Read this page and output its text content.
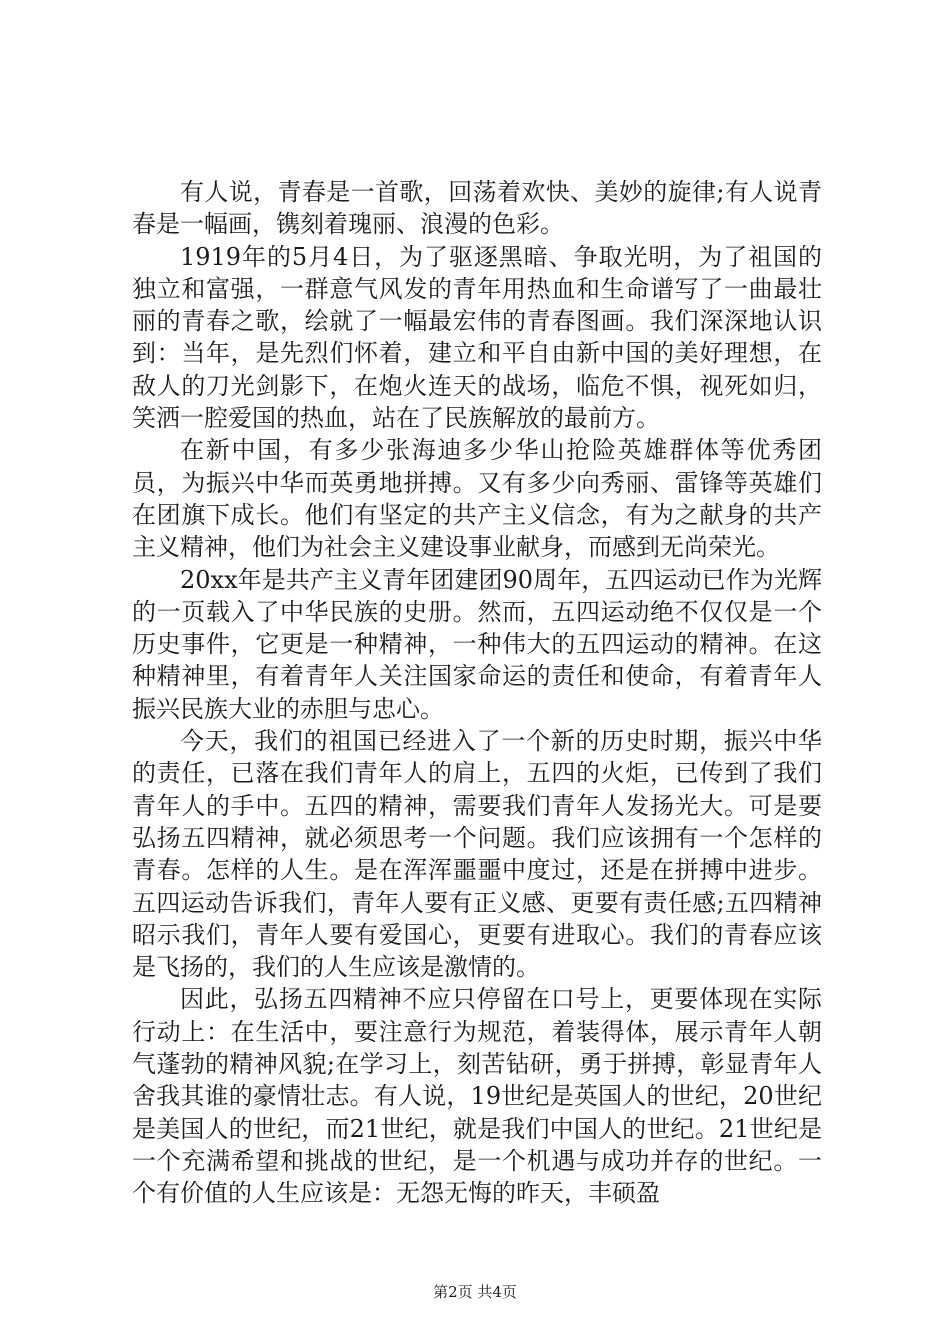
有人说，青春是一首歌，回荡着欢快、美妙的旋律;有人说青春是一幅画，镌刻着瑰丽、浪漫的色彩。

1919年的5月4日，为了驱逐黑暗、争取光明，为了祖国的独立和富强，一群意气风发的青年用热血和生命谱写了一曲最壮丽的青春之歌，绘就了一幅最宏伟的青春图画。我们深深地认识到：当年，是先烈们怀着，建立和平自由新中国的美好理想，在敌人的刀光剑影下，在炮火连天的战场，临危不惧，视死如归，笑洒一腔爱国的热血，站在了民族解放的最前方。

在新中国，有多少张海迪多少华山抢险英雄群体等优秀团员，为振兴中华而英勇地拼搏。又有多少向秀丽、雷锋等英雄们在团旗下成长。他们有坚定的共产主义信念，有为之献身的共产主义精神，他们为社会主义建设事业献身，而感到无尚荣光。

20xx年是共产主义青年团建团90周年，五四运动已作为光辉的一页载入了中华民族的史册。然而，五四运动绝不仅仅是一个历史事件，它更是一种精神，一种伟大的五四运动的精神。在这种精神里，有着青年人关注国家命运的责任和使命，有着青年人振兴民族大业的赤胆与忠心。

今天，我们的祖国已经进入了一个新的历史时期，振兴中华的责任，已落在我们青年人的肩上，五四的火炬，已传到了我们青年人的手中。五四的精神，需要我们青年人发扬光大。可是要弘扬五四精神，就必须思考一个问题。我们应该拥有一个怎样的青春。怎样的人生。是在浑浑噩噩中度过，还是在拼搏中进步。五四运动告诉我们，青年人要有正义感、更要有责任感;五四精神昭示我们，青年人要有爱国心，更要有进取心。我们的青春应该是飞扬的，我们的人生应该是激情的。

因此，弘扬五四精神不应只停留在口号上，更要体现在实际行动上：在生活中，要注意行为规范，着装得体，展示青年人朝气蓬勃的精神风貌;在学习上，刻苦钻研，勇于拼搏，彰显青年人舍我其谁的豪情壮志。有人说，19世纪是英国人的世纪，20世纪是美国人的世纪，而21世纪，就是我们中国人的世纪。21世纪是一个充满希望和挑战的世纪，是一个机遇与成功并存的世纪。一个有价值的人生应该是：无怨无悔的昨天，丰硕盈

第2页 共4页
